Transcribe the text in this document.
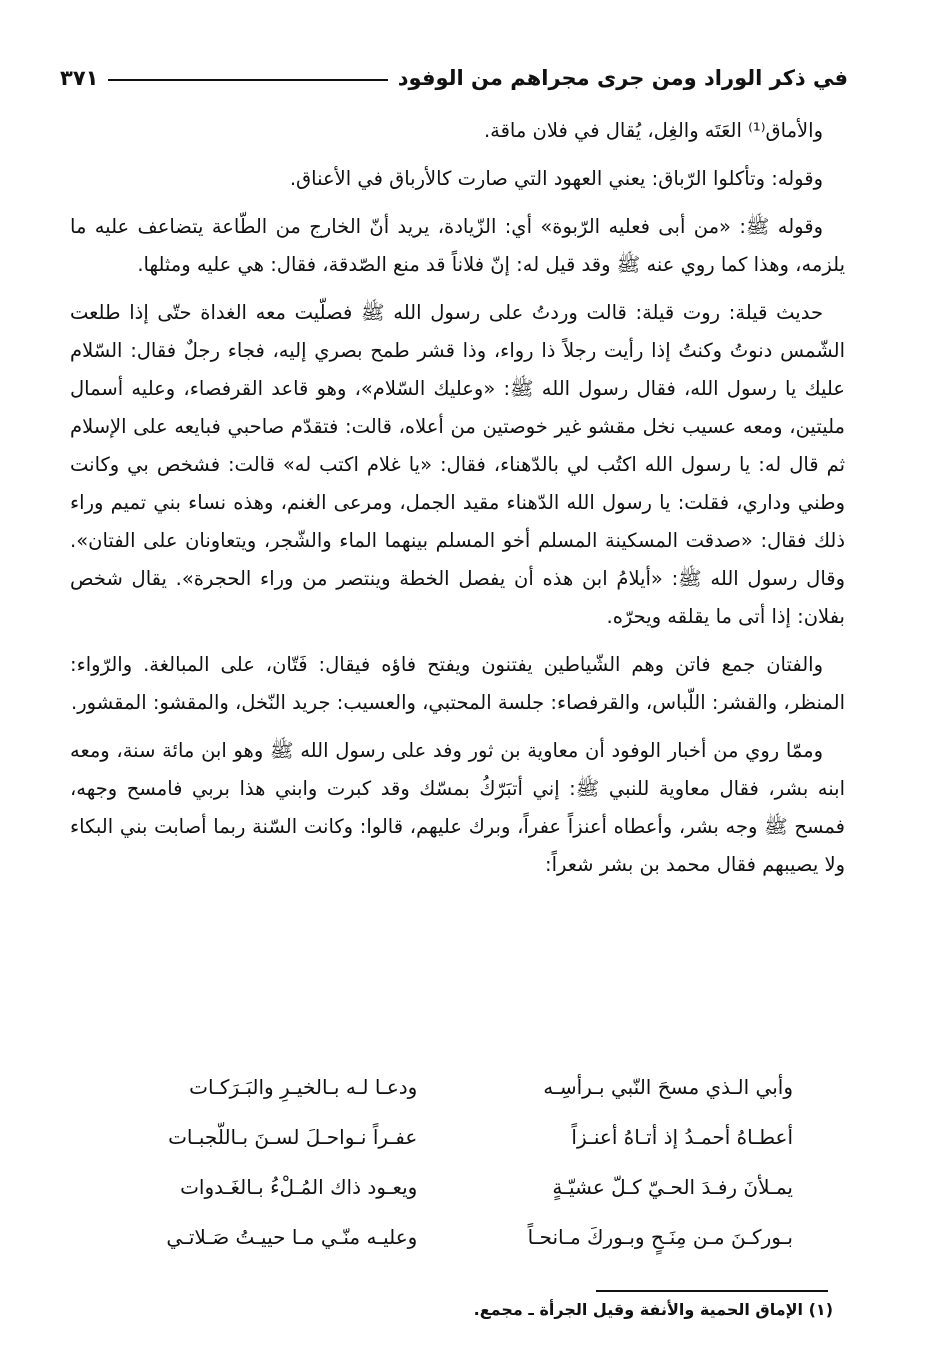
في ذكر الوراد ومن جرى مجراهم من الوفود
٣٧١

والأماق⁽¹⁾ العَتَه والغِل، يُقال في فلان ماقة.

وقوله: وتأكلوا الرّباق: يعني العهود التي صارت كالأرباق في الأعناق.

وقوله ﷺ: «من أبى فعليه الرّبوة» أي: الزّيادة، يريد أنّ الخارج من الطّاعة يتضاعف عليه ما يلزمه، وهذا كما روي عنه ﷺ وقد قيل له: إنّ فلاناً قد منع الصّدقة، فقال: هي عليه ومثلها.

حديث قيلة: روت قيلة: قالت وردتُ على رسول الله ﷺ فصلّيت معه الغداة حتّى إذا طلعت الشّمس دنوتُ وكنتُ إذا رأيت رجلاً ذا رواء، وذا قشر طمح بصري إليه، فجاء رجلٌ فقال: السّلام عليك يا رسول الله، فقال رسول الله ﷺ: «وعليك السّلام»، وهو قاعد القرفصاء، وعليه أسمال مليتين، ومعه عسيب نخل مقشو غير خوصتين من أعلاه، قالت: فتقدّم صاحبي فبايعه على الإسلام ثم قال له: يا رسول الله اكتُب لي بالدّهناء، فقال: «يا غلام اكتب له» قالت: فشخص بي وكانت وطني وداري، فقلت: يا رسول الله الدّهناء مقيد الجمل، ومرعى الغنم، وهذه نساء بني تميم وراء ذلك فقال: «صدقت المسكينة المسلم أخو المسلم بينهما الماء والشّجر، ويتعاونان على الفتان». وقال رسول الله ﷺ: «أيلامُ ابن هذه أن يفصل الخطة وينتصر من وراء الحجرة». يقال شخص بفلان: إذا أتى ما يقلقه ويحرّه.

والفتان جمع فاتن وهم الشّياطين يفتنون ويفتح فاؤه فيقال: فَتّان، على المبالغة. والرّواء: المنظر، والقشر: اللّباس، والقرفصاء: جلسة المحتبي، والعسيب: جريد النّخل، والمقشو: المقشور.

وممّا روي من أخبار الوفود أن معاوية بن ثور وفد على رسول الله ﷺ وهو ابن مائة سنة، ومعه ابنه بشر، فقال معاوية للنبي ﷺ: إني أتبَرّكُ بمسّك وقد كبرت وابني هذا بربي فامسح وجهه، فمسح ﷺ وجه بشر، وأعطاه أعنزاً عفراً، وبرك عليهم، قالوا: وكانت السّنة ربما أصابت بني البكاء ولا يصيبهم فقال محمد بن بشر شعراً:

وأبي الـذي مسحَ النّبي بـرأسِـه
ودعـا لـه بـالخيـرِ والبَـرَكـات
أعطـاهُ أحمـدُ إذ أتـاهُ أعنـزاً
عفـراً نـواحـلَ لسـنَ بـاللّجبـات
يمـلأنَ رفـدَ الحـيّ كـلّ عشيّـةٍ
ويعـود ذاك المُـلْءُ بـالغَـدوات
بـوركـنَ مـن مِنَـحٍ وبـوركَ مـانحـاً
وعليـه منّـي مـا حييـتُ صَـلاتـي
(١) الإماق الحمية والأنفة وقيل الجرأة ـ مجمع.
